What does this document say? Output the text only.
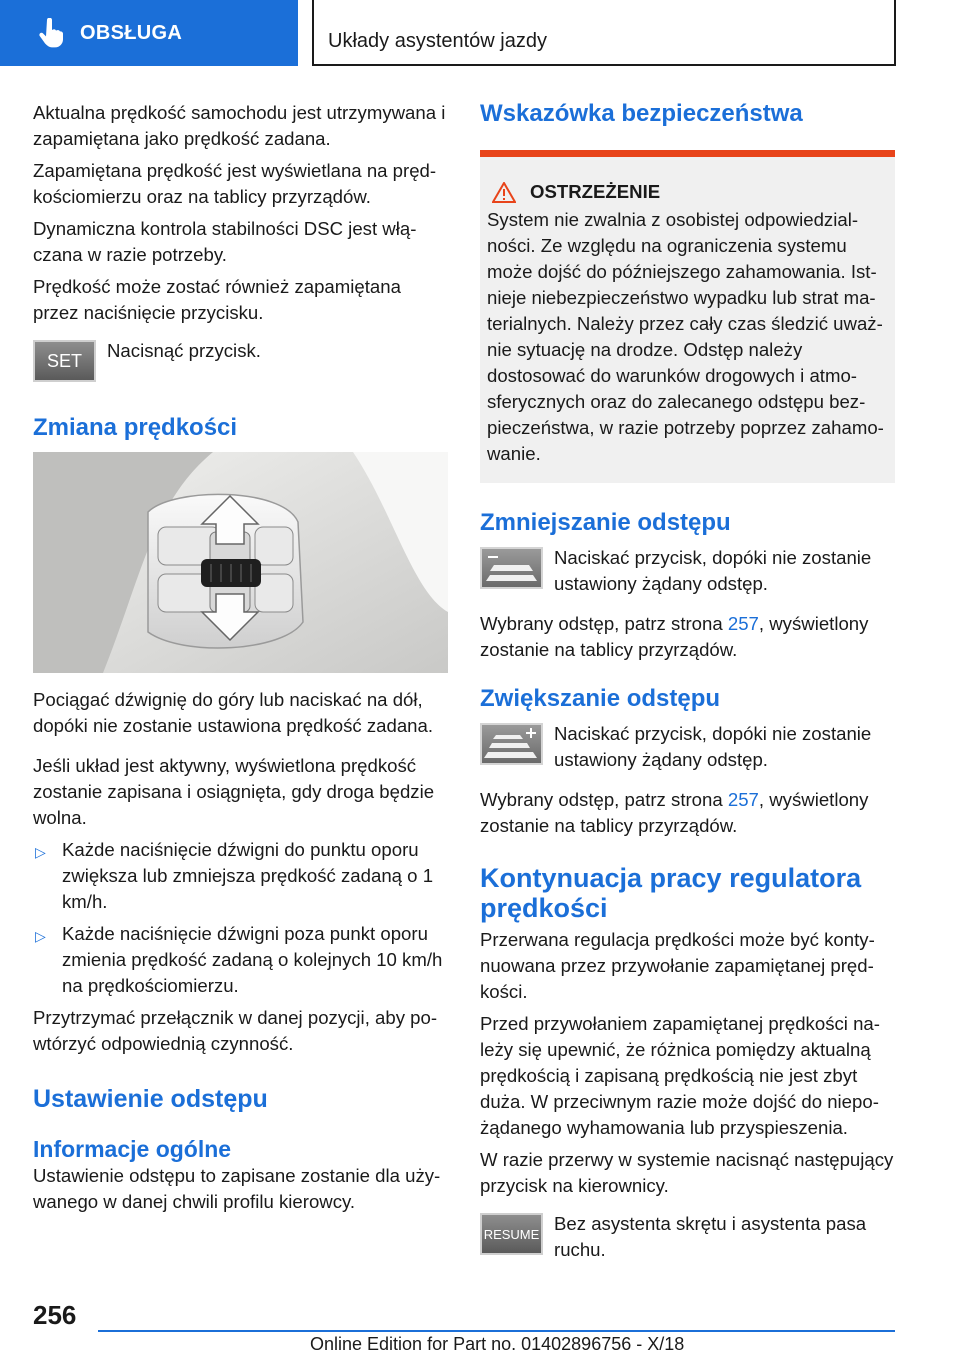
OBSŁUGA	Układy asystentów jazdy

Aktualna prędkość samochodu jest utrzymywana i zapamiętana jako prędkość zadana.

Zapamiętana prędkość jest wyświetlana na prędkościomierzu oraz na tablicy przyrządów.

Dynamiczna kontrola stabilności DSC jest włączana w razie potrzeby.

Prędkość może zostać również zapamiętana przez naciśnięcie przycisku.

SET Nacisnąć przycisk.
Zmiana prędkości

Pociągać dźwignię do góry lub naciskać na dół, dopóki nie zostanie ustawiona prędkość zadana.

Jeśli układ jest aktywny, wyświetlona prędkość zostanie zapisana i osiągnięta, gdy droga będzie wolna.

▷ Każde naciśnięcie dźwigni do punktu oporu zwiększa lub zmniejsza prędkość zadaną o 1 km/h.
▷ Każde naciśnięcie dźwigni poza punkt oporu zmienia prędkość zadaną o kolejnych 10 km/h na prędkościomierzu.

Przytrzymać przełącznik w danej pozycji, aby powtórzyć odpowiednią czynność.

Ustawienie odstępu
Informacje ogólne

Ustawienie odstępu to zapisane zostanie dla używanego w danej chwili profilu kierowcy.

Wskazówka bezpieczeństwa
OSTRZEŻENIE

System nie zwalnia z osobistej odpowiedzialności. Ze względu na ograniczenia systemu może dojść do późniejszego zahamowania. Istnieje niebezpieczeństwo wypadku lub strat materialnych. Należy przez cały czas śledzić uważnie sytuację na drodze. Odstęp należy dostosować do warunków drogowych i atmosferycznych oraz do zalecanego odstępu bezpieczeństwa, w razie potrzeby poprzez zahamowanie.

Zmniejszanie odstępu
Naciskać przycisk, dopóki nie zostanie ustawiony żądany odstęp.

Wybrany odstęp, patrz strona 257, wyświetlony zostanie na tablicy przyrządów.

Zwiększanie odstępu
Naciskać przycisk, dopóki nie zostanie ustawiony żądany odstęp.

Wybrany odstęp, patrz strona 257, wyświetlony zostanie na tablicy przyrządów.

Kontynuacja pracy regulatora prędkości

Przerwana regulacja prędkości może być kontynuowana przez przywołanie zapamiętanej prędkości.

Przed przywołaniem zapamiętanej prędkości należy się upewnić, że różnica pomiędzy aktualną prędkością i zapisaną prędkością nie jest zbyt duża. W przeciwnym razie może dojść do niepożądanego wyhamowania lub przyspieszenia.

W razie przerwy w systemie nacisnąć następujący przycisk na kierownicy.

RESUME Bez asystenta skrętu i asystenta pasa ruchu.
256
Online Edition for Part no. 01402896756 - X/18
